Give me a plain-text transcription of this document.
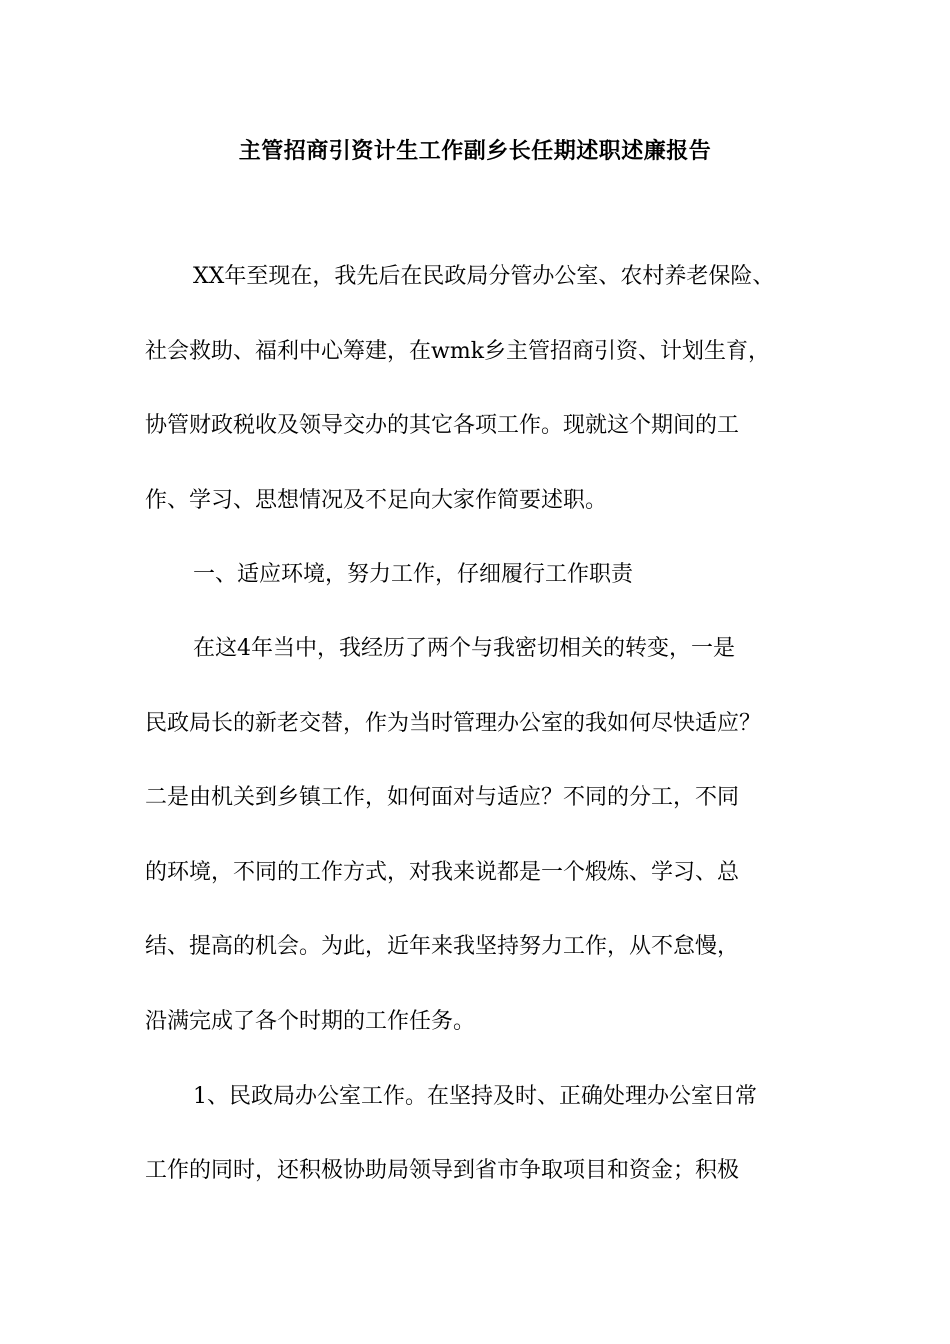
主管招商引资计生工作副乡长任期述职述廉报告

XX年至现在，我先后在民政局分管办公室、农村养老保险、

社会救助、福利中心筹建，在wmk乡主管招商引资、计划生育，

协管财政税收及领导交办的其它各项工作。现就这个期间的工

作、学习、思想情况及不足向大家作简要述职。

一、适应环境，努力工作，仔细履行工作职责

在这4年当中，我经历了两个与我密切相关的转变，一是

民政局长的新老交替，作为当时管理办公室的我如何尽快适应？

二是由机关到乡镇工作，如何面对与适应？不同的分工，不同

的环境，不同的工作方式，对我来说都是一个煅炼、学习、总

结、提高的机会。为此，近年来我坚持努力工作，从不怠慢，

沿满完成了各个时期的工作任务。

1、民政局办公室工作。在坚持及时、正确处理办公室日常

工作的同时，还积极协助局领导到省市争取项目和资金；积极
